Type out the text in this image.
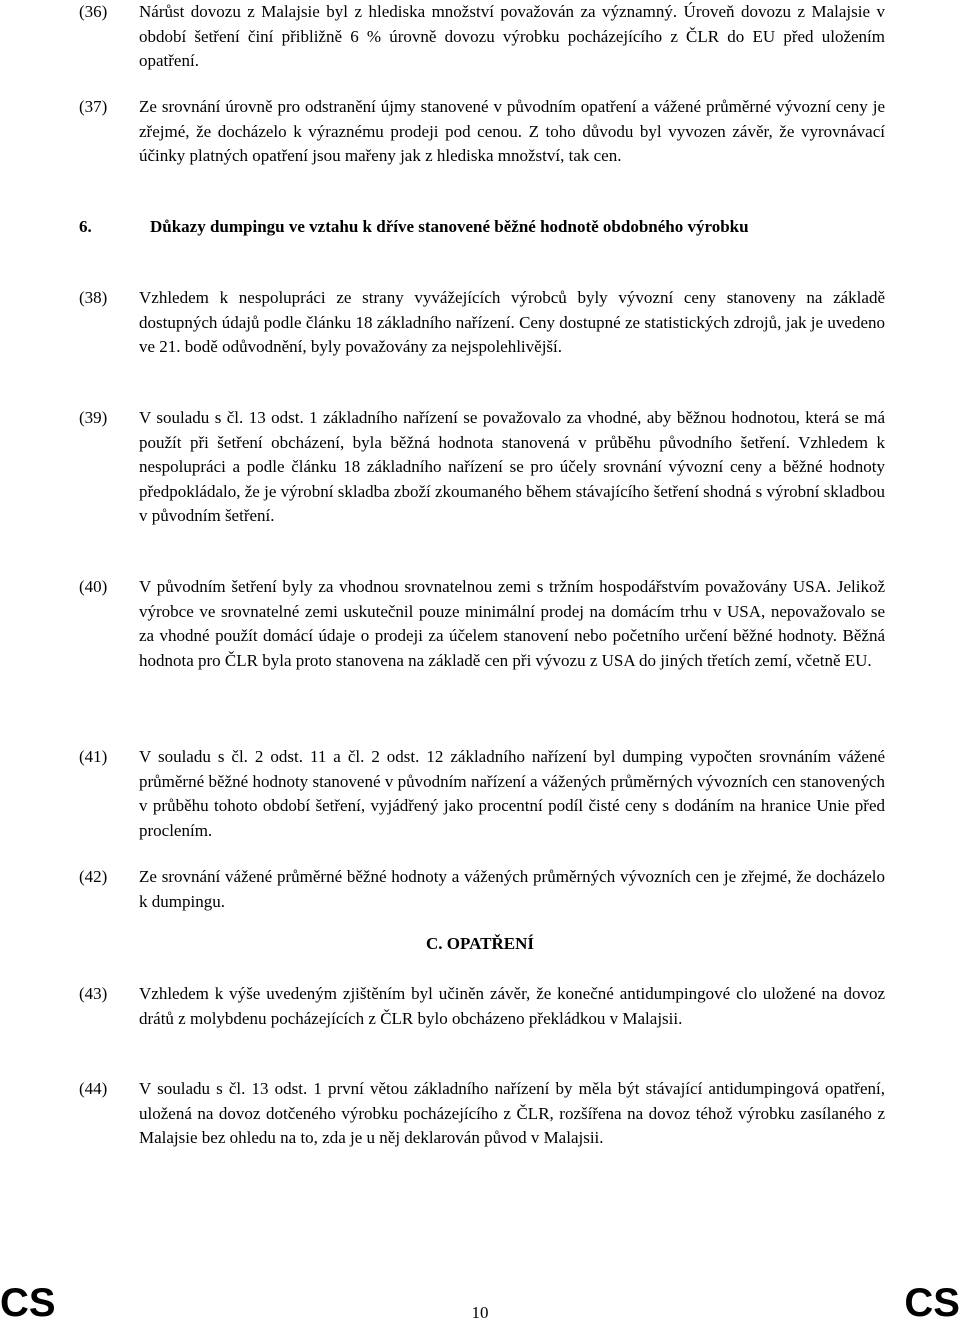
(36) Nárůst dovozu z Malajsie byl z hlediska množství považován za významný. Úroveň dovozu z Malajsie v období šetření činí přibližně 6 % úrovně dovozu výrobku pocházejícího z ČLR do EU před uložením opatření.
(37) Ze srovnání úrovně pro odstranění újmy stanovené v původním opatření a vážené průměrné vývozní ceny je zřejmé, že docházelo k výraznému prodeji pod cenou. Z toho důvodu byl vyvozen závěr, že vyrovnávací účinky platných opatření jsou mařeny jak z hlediska množství, tak cen.
6.	Důkazy dumpingu ve vztahu k dříve stanovené běžné hodnotě obdobného výrobku
(38) Vzhledem k nespolupráci ze strany vyvážejících výrobců byly vývozní ceny stanoveny na základě dostupných údajů podle článku 18 základního nařízení. Ceny dostupné ze statistických zdrojů, jak je uvedeno ve 21. bodě odůvodnění, byly považovány za nejspolehlivější.
(39) V souladu s čl. 13 odst. 1 základního nařízení se považovalo za vhodné, aby běžnou hodnotou, která se má použít při šetření obcházení, byla běžná hodnota stanovená v průběhu původního šetření. Vzhledem k nespolupráci a podle článku 18 základního nařízení se pro účely srovnání vývozní ceny a běžné hodnoty předpokládalo, že je výrobní skladba zboží zkoumaného během stávajícího šetření shodná s výrobní skladbou v původním šetření.
(40) V původním šetření byly za vhodnou srovnatelnou zemi s tržním hospodářstvím považovány USA. Jelikož výrobce ve srovnatelné zemi uskutečnil pouze minimální prodej na domácím trhu v USA, nepovažovalo se za vhodné použít domácí údaje o prodeji za účelem stanovení nebo početního určení běžné hodnoty. Běžná hodnota pro ČLR byla proto stanovena na základě cen při vývozu z USA do jiných třetích zemí, včetně EU.
(41) V souladu s čl. 2 odst. 11 a čl. 2 odst. 12 základního nařízení byl dumping vypočten srovnáním vážené průměrné běžné hodnoty stanovené v původním nařízení a vážených průměrných vývozních cen stanovených v průběhu tohoto období šetření, vyjádřený jako procentní podíl čisté ceny s dodáním na hranice Unie před proclením.
(42) Ze srovnání vážené průměrné běžné hodnoty a vážených průměrných vývozních cen je zřejmé, že docházelo k dumpingu.
C. OPATŘENÍ
(43) Vzhledem k výše uvedeným zjištěním byl učiněn závěr, že konečné antidumpingové clo uložené na dovoz drátů z molybdenu pocházejících z ČLR bylo obcházeno překládkou v Malajsii.
(44) V souladu s čl. 13 odst. 1 první větou základního nařízení by měla být stávající antidumpingová opatření, uložená na dovoz dotčeného výrobku pocházejícího z ČLR, rozšířena na dovoz téhož výrobku zasílaného z Malajsie bez ohledu na to, zda je u něj deklarován původ v Malajsii.
CS	10	CS
